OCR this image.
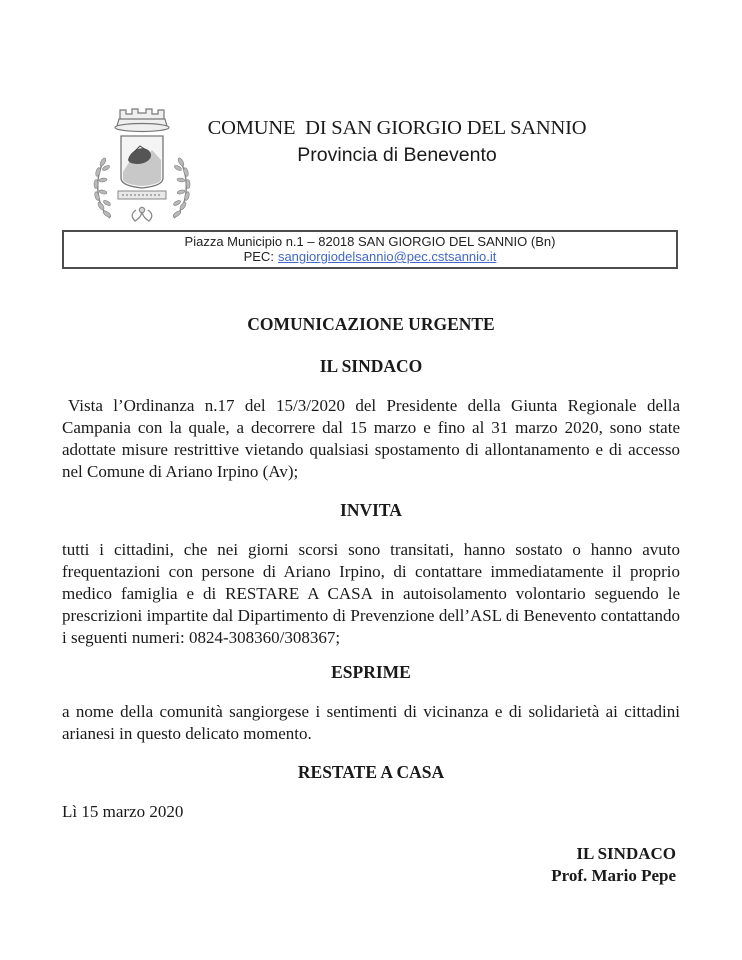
COMUNE  DI SAN GIORGIO DEL SANNIO
Provincia di Benevento
Piazza Municipio n.1 – 82018 SAN GIORGIO DEL SANNIO (Bn)
PEC: sangiorgiodelsannio@pec.cstsannio.it
COMUNICAZIONE URGENTE
IL SINDACO

Vista l’Ordinanza n.17 del 15/3/2020 del Presidente della Giunta Regionale della Campania con la quale, a decorrere dal 15 marzo e fino al 31 marzo 2020, sono state adottate misure restrittive vietando qualsiasi spostamento di allontanamento e di accesso nel Comune di Ariano Irpino (Av);

INVITA

tutti i cittadini, che nei giorni scorsi sono transitati, hanno sostato o hanno avuto frequentazioni con persone di Ariano Irpino, di contattare immediatamente il proprio medico famiglia e di RESTARE A CASA in autoisolamento volontario seguendo le prescrizioni impartite dal Dipartimento di Prevenzione dell’ASL di Benevento contattando i seguenti numeri: 0824-308360/308367;

ESPRIME

a nome della comunità sangiorgese i sentimenti di vicinanza e di solidarietà ai cittadini arianesi in questo delicato momento.

RESTATE A CASA
Lì 15 marzo 2020
IL SINDACO
Prof. Mario Pepe
